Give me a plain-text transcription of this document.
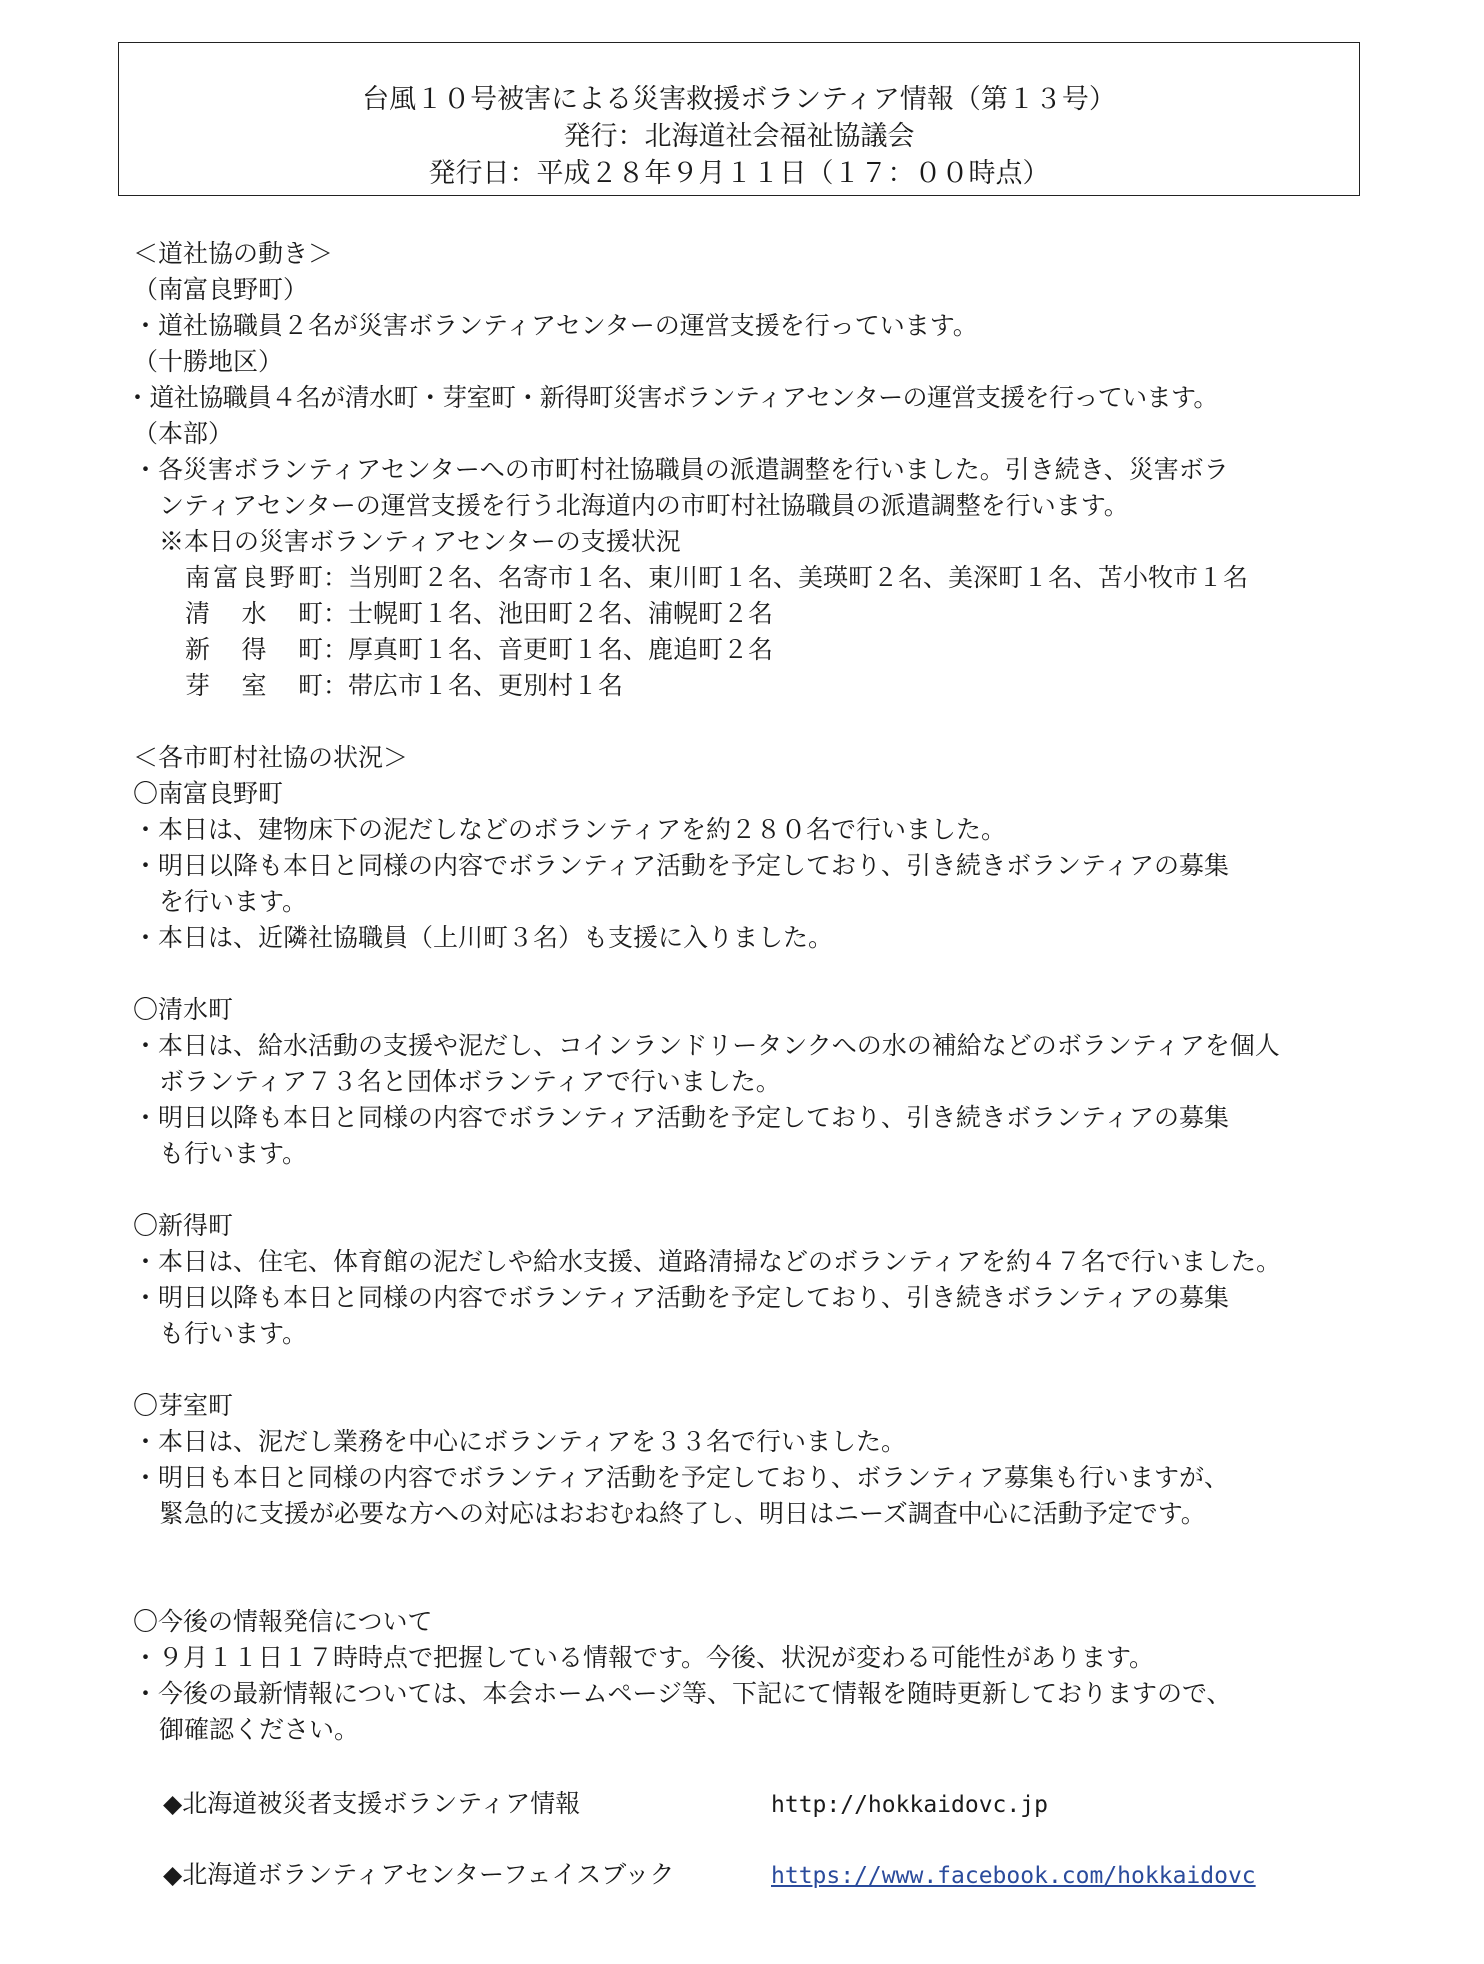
台風１０号被害による災害救援ボランティア情報（第１３号）
発行：北海道社会福祉協議会
発行日：平成２８年９月１１日（１７：００時点）
＜道社協の動き＞
（南富良野町）
・道社協職員２名が災害ボランティアセンターの運営支援を行っています。
（十勝地区）
・道社協職員４名が清水町・芽室町・新得町災害ボランティアセンターの運営支援を行っています。
（本部）
・各災害ボランティアセンターへの市町村社協職員の派遣調整を行いました。引き続き、災害ボラ
ンティアセンターの運営支援を行う北海道内の市町村社協職員の派遣調整を行います。
※本日の災害ボランティアセンターの支援状況
南富良野町：当別町２名、名寄市１名、東川町１名、美瑛町２名、美深町１名、苫小牧市１名
清水町：士幌町１名、池田町２名、浦幌町２名
新得町：厚真町１名、音更町１名、鹿追町２名
芽室町：帯広市１名、更別村１名
＜各市町村社協の状況＞
〇南富良野町
・本日は、建物床下の泥だしなどのボランティアを約２８０名で行いました。
・明日以降も本日と同様の内容でボランティア活動を予定しており、引き続きボランティアの募集
を行います。
・本日は、近隣社協職員（上川町３名）も支援に入りました。
〇清水町
・本日は、給水活動の支援や泥だし、コインランドリータンクへの水の補給などのボランティアを個人
ボランティア７３名と団体ボランティアで行いました。
・明日以降も本日と同様の内容でボランティア活動を予定しており、引き続きボランティアの募集
も行います。
〇新得町
・本日は、住宅、体育館の泥だしや給水支援、道路清掃などのボランティアを約４７名で行いました。
・明日以降も本日と同様の内容でボランティア活動を予定しており、引き続きボランティアの募集
も行います。
〇芽室町
・本日は、泥だし業務を中心にボランティアを３３名で行いました。
・明日も本日と同様の内容でボランティア活動を予定しており、ボランティア募集も行いますが、
緊急的に支援が必要な方への対応はおおむね終了し、明日はニーズ調査中心に活動予定です。
〇今後の情報発信について
・９月１１日１７時時点で把握している情報です。今後、状況が変わる可能性があります。
・今後の最新情報については、本会ホームページ等、下記にて情報を随時更新しておりますので、
御確認ください。
◆北海道被災者支援ボランティア情報	http://hokkaidovc.jp
◆北海道ボランティアセンターフェイスブック	https://www.facebook.com/hokkaidovc
